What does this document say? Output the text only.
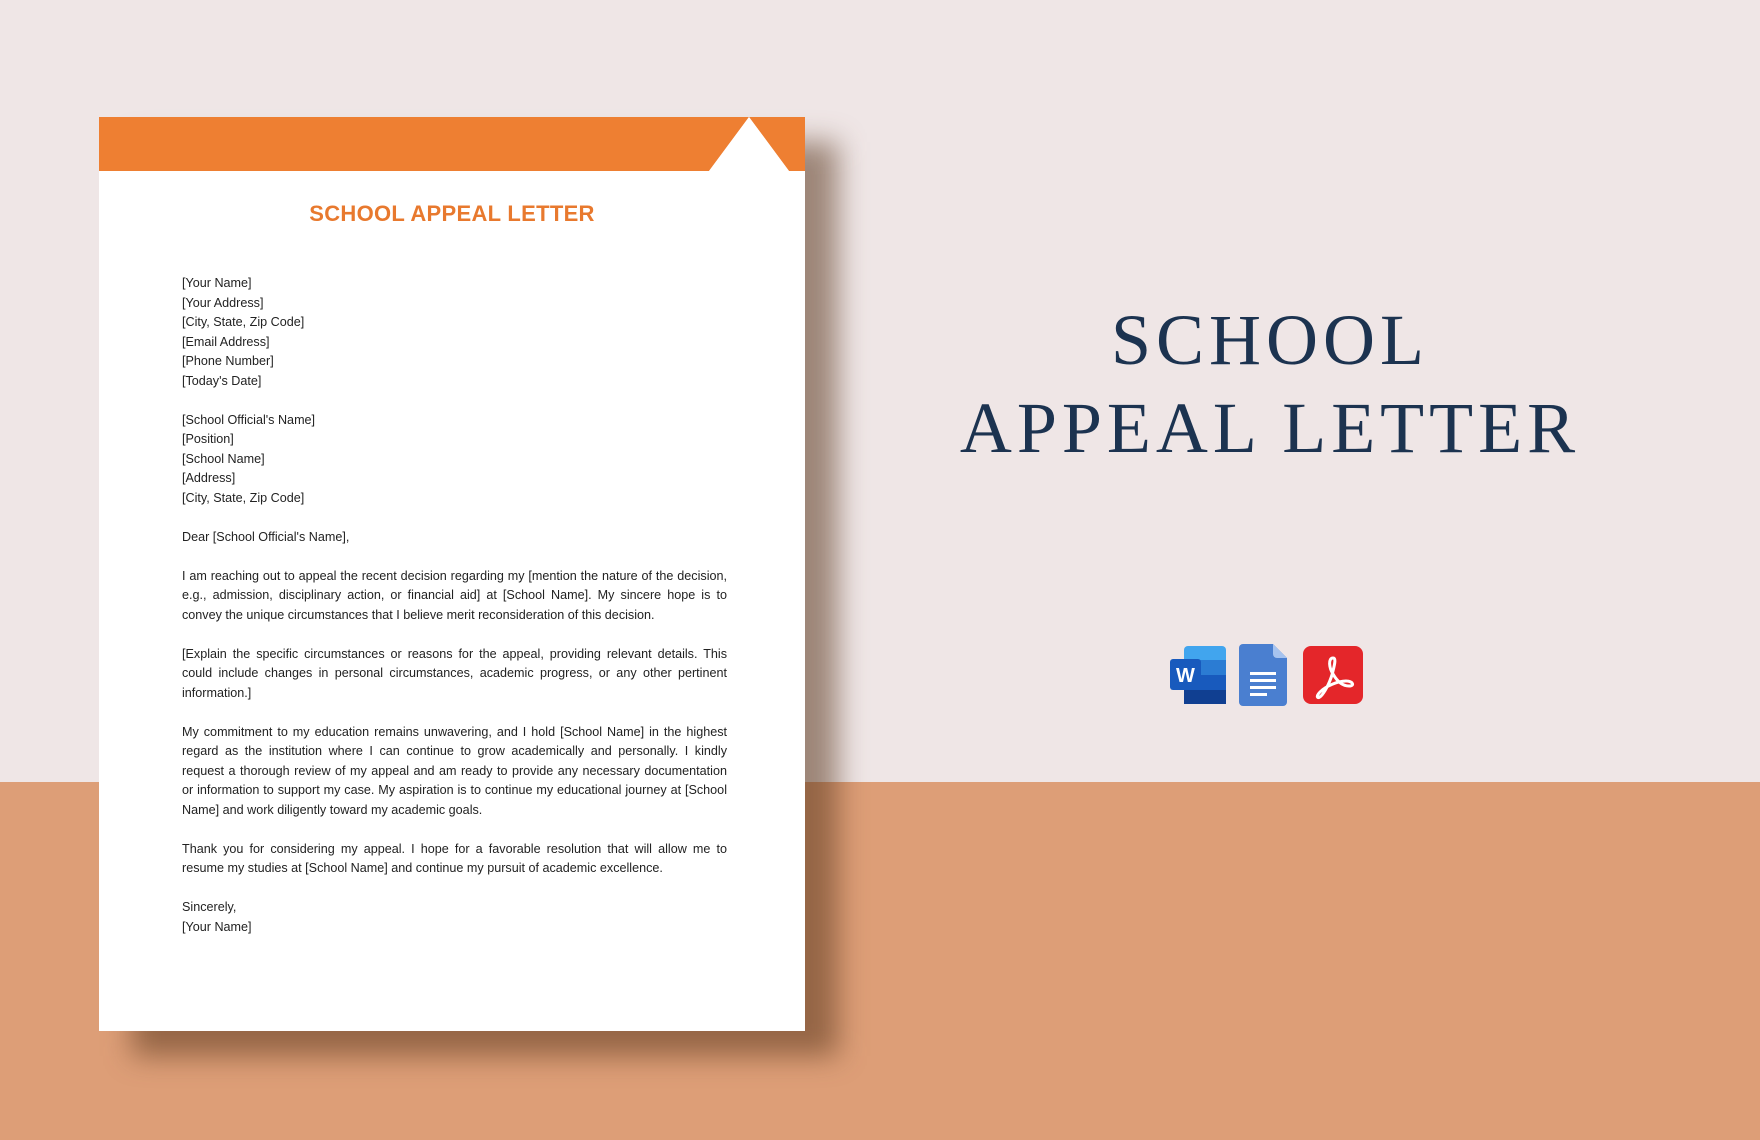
SCHOOL APPEAL LETTER

[Your Name]
[Your Address]
[City, State, Zip Code]
[Email Address]
[Phone Number]
[Today's Date]

[School Official's Name]
[Position]
[School Name]
[Address]
[City, State, Zip Code]

Dear [School Official's Name],

I am reaching out to appeal the recent decision regarding my [mention the nature of the decision, e.g., admission, disciplinary action, or financial aid] at [School Name]. My sincere hope is to convey the unique circumstances that I believe merit reconsideration of this decision.

[Explain the specific circumstances or reasons for the appeal, providing relevant details. This could include changes in personal circumstances, academic progress, or any other pertinent information.]

My commitment to my education remains unwavering, and I hold [School Name] in the highest regard as the institution where I can continue to grow academically and personally. I kindly request a thorough review of my appeal and am ready to provide any necessary documentation or information to support my case. My aspiration is to continue my educational journey at [School Name] and work diligently toward my academic goals.

Thank you for considering my appeal. I hope for a favorable resolution that will allow me to resume my studies at [School Name] and continue my pursuit of academic excellence.

Sincerely,
[Your Name]

SCHOOL
APPEAL LETTER
W
